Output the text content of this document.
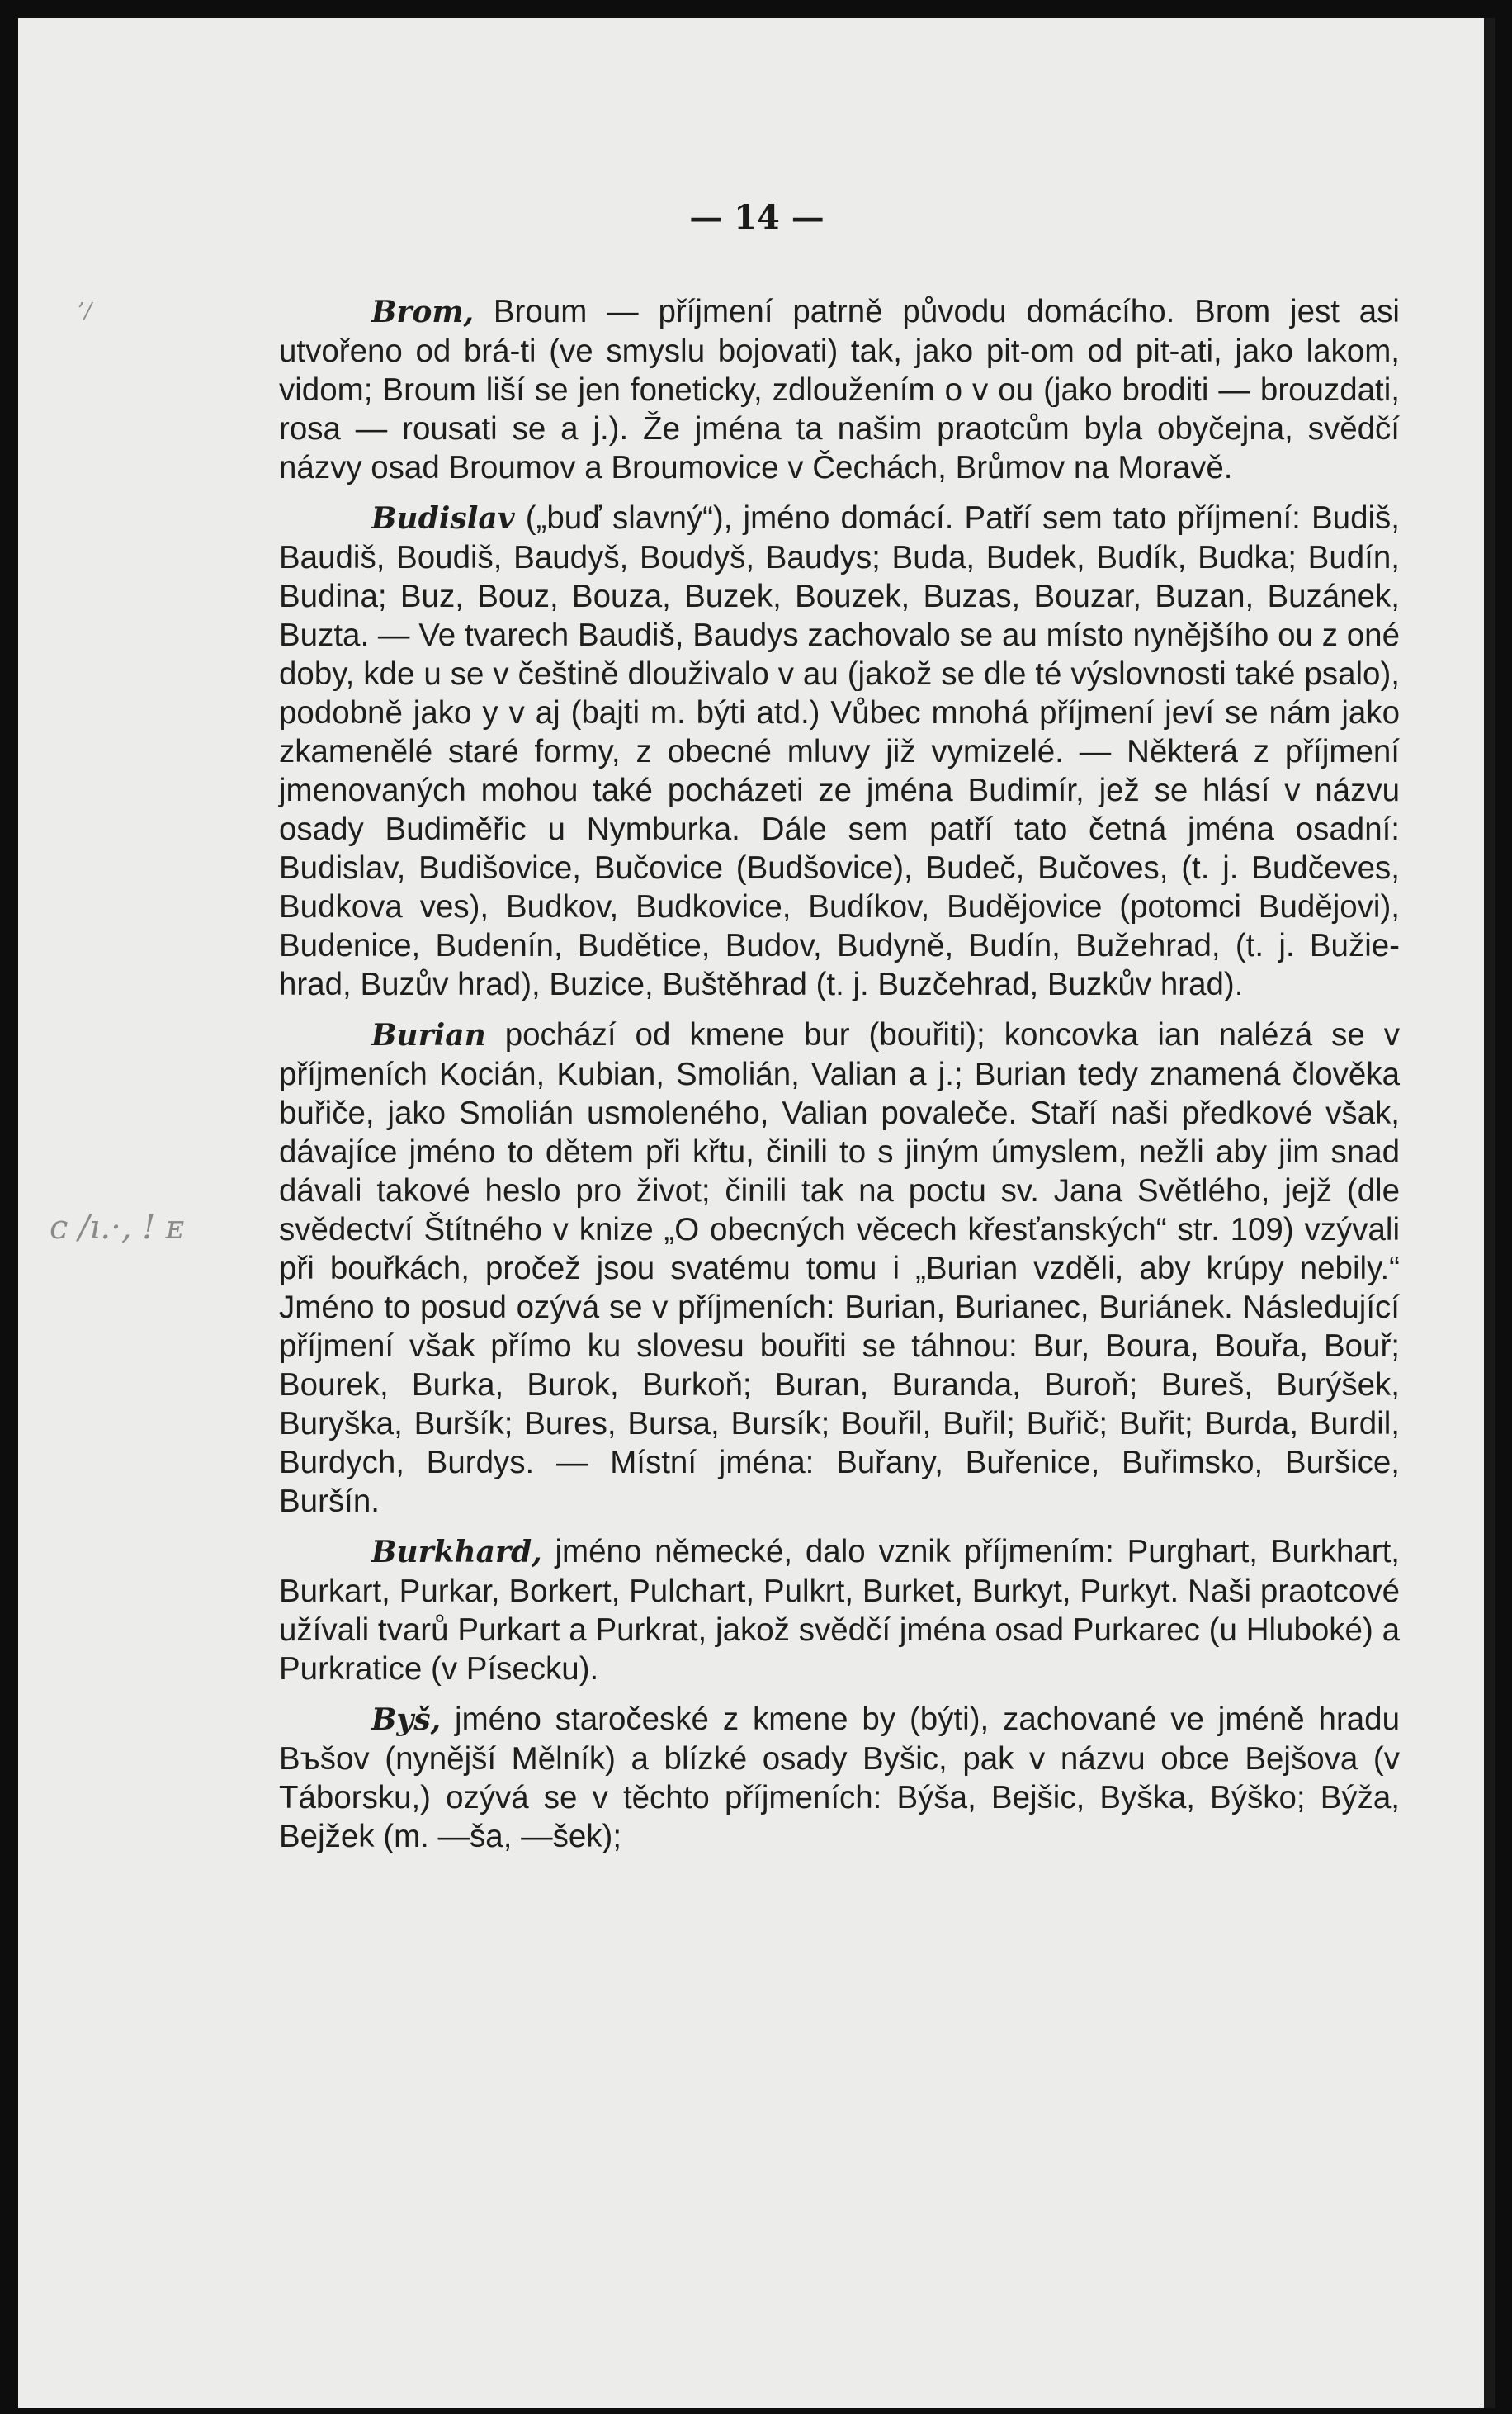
— 14 —
’/
ᴄ /ı.·, ! ᴇ

Brom, Broum — příjmení patrně původu domácího. Brom jest asi utvořeno od brá-ti (ve smyslu bojovati) tak, jako pit-om od pit-ati, jako lakom, vidom; Broum liší se jen foneticky, zdloužením o v ou (jako broditi — brouzdati, rosa — rousati se a j.). Že jména ta našim praotcům byla obyčejna, svědčí názvy osad Broumov a Broumovice v Čechách, Brůmov na Moravě.

Budislav („buď slavný“), jméno domácí. Patří sem tato příjmení: Budiš, Baudiš, Boudiš, Baudyš, Boudyš, Baudys; Buda, Budek, Budík, Budka; Budín, Budina; Buz, Bouz, Bouza, Buzek, Bouzek, Buzas, Bouzar, Buzan, Buzánek, Buzta. — Ve tvarech Baudiš, Baudys zachovalo se au místo nynějšího ou z oné doby, kde u se v češtině dlouživalo v au (jakož se dle té výslovnosti také psalo), podobně jako y v aj (bajti m. býti atd.) Vůbec mnohá příjmení jeví se nám jako zkamenělé staré formy, z obecné mluvy již vymizelé. — Některá z příjmení jmenovaných mohou také pocházeti ze jména Budimír, jež se hlásí v názvu osady Budiměřic u Nymburka. Dále sem patří tato četná jména osadní: Budislav, Budišovice, Bučovice (Budšovice), Budeč, Bučoves, (t. j. Budčeves, Budkova ves), Budkov, Budkovice, Budíkov, Budějovice (potomci Budějovi), Budenice, Budenín, Budětice, Budov, Budyně, Budín, Bužehrad, (t. j. Bužie-hrad, Buzův hrad), Buzice, Buštěhrad (t. j. Buzčehrad, Buzkův hrad).

Burian pochází od kmene bur (bouřiti); koncovka ian nalézá se v příjmeních Kocián, Kubian, Smolián, Valian a j.; Burian tedy znamená člověka buřiče, jako Smolián usmoleného, Valian povaleče. Staří naši předkové však, dávajíce jméno to dětem při křtu, činili to s jiným úmyslem, nežli aby jim snad dávali takové heslo pro život; činili tak na poctu sv. Jana Světlého, jejž (dle svědectví Štítného v knize „O obecných věcech křesťanských“ str. 109) vzývali při bouřkách, pročež jsou svatému tomu i „Burian vzděli, aby krúpy nebily.“ Jméno to posud ozývá se v příjmeních: Burian, Burianec, Buriánek. Následující příjmení však přímo ku slovesu bouřiti se táhnou: Bur, Boura, Bouřa, Bouř; Bourek, Burka, Burok, Burkoň; Buran, Buranda, Buroň; Bureš, Burýšek, Buryška, Buršík; Bures, Bursa, Bursík; Bouřil, Buřil; Buřič; Buřit; Burda, Burdil, Burdych, Burdys. — Místní jména: Buřany, Buřenice, Buřimsko, Buršice, Buršín.

Burkhard, jméno německé, dalo vznik příjmením: Purghart, Burkhart, Burkart, Purkar, Borkert, Pulchart, Pulkrt, Burket, Burkyt, Purkyt. Naši praotcové užívali tvarů Purkart a Purkrat, jakož svědčí jména osad Purkarec (u Hluboké) a Purkratice (v Písecku).

Byš, jméno staročeské z kmene by (býti), zachované ve jméně hradu Bъšov (nynější Mělník) a blízké osady Byšic, pak v názvu obce Bejšova (v Táborsku,) ozývá se v těchto příjmeních: Býša, Bejšic, Byška, Býško; Býža, Bejžek (m. —ša, —šek);
